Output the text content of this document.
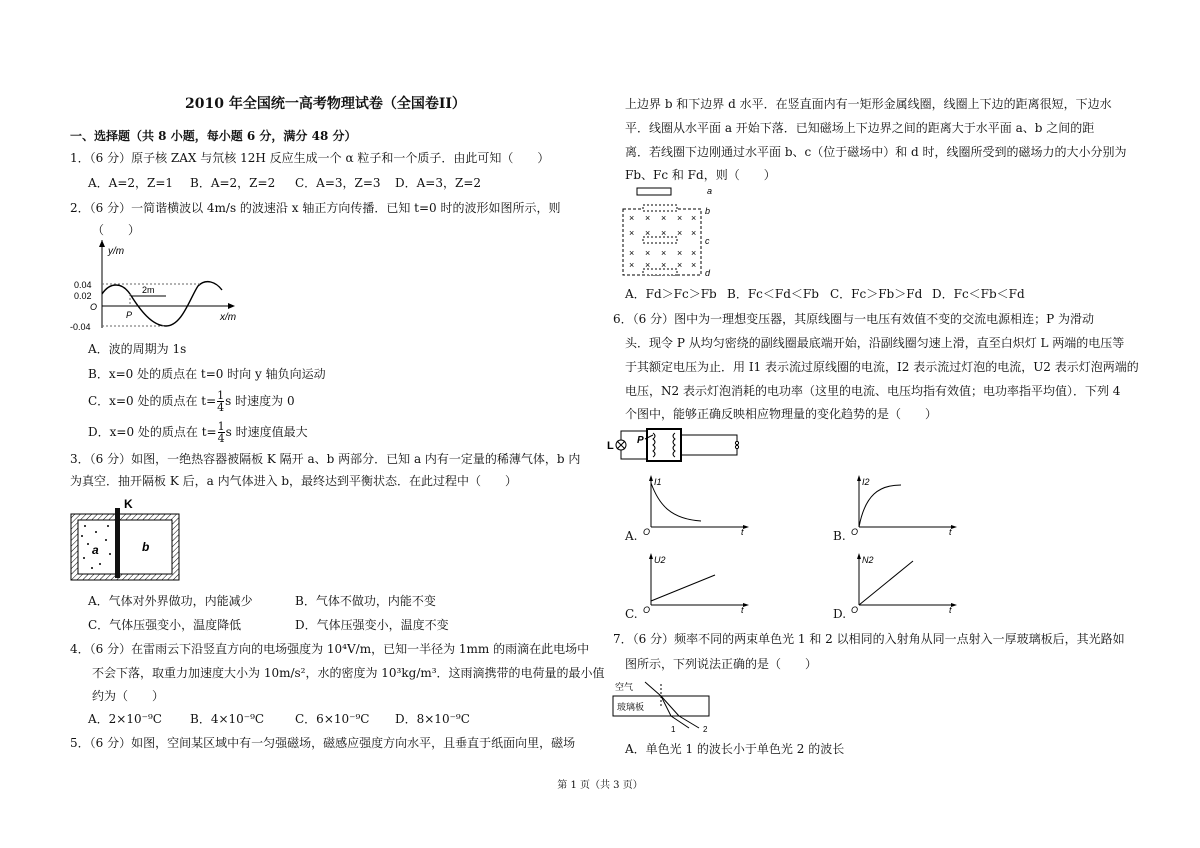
2010 年全国统一高考物理试卷（全国卷II）
一、选择题（共 8 小题，每小题 6 分，满分 48 分）
1．（6 分）原子核 ZAX 与氘核 12H 反应生成一个 α 粒子和一个质子．由此可知（　　）
A．A=2，Z=1 B．A=2，Z=2 C．A=3，Z=3 D．A=3，Z=2
2．（6 分）一简谐横波以 4m/s 的波速沿 x 轴正方向传播．已知 t=0 时的波形如图所示，则
（　　）
y/m
x/m
0.04
0.02
O
-0.04
2m
P
A．波的周期为 1s
B．x=0 处的质点在 t=0 时向 y 轴负向运动
C．x=0 处的质点在 $t= \frac{1}{4}$ s 时速度为 0
D．x=0 处的质点在 $t= \frac{1}{4}$ s 时速度值最大
3．（6 分）如图，一绝热容器被隔板 K 隔开 a、b 两部分．已知 a 内有一定量的稀薄气体，b 内
为真空．抽开隔板 K 后，a 内气体进入 b，最终达到平衡状态．在此过程中（　　）
K
a	b
A．气体对外界做功，内能减少	B．气体不做功，内能不变
C．气体压强变小，温度降低	D．气体压强变小，温度不变
4．（6 分）在雷雨云下沿竖直方向的电场强度为 10⁴V/m，已知一半径为 1mm 的雨滴在此电场中
不会下落，取重力加速度大小为 10m/s²，水的密度为 10³kg/m³．这雨滴携带的电荷量的最小值
约为（　　）
A．2×10⁻⁹C B．4×10⁻⁹C	C．6×10⁻⁹C D．8×10⁻⁹C
5．（6 分）如图，空间某区域中有一匀强磁场，磁感应强度方向水平，且垂直于纸面向里，磁场
上边界 b 和下边界 d 水平．在竖直面内有一矩形金属线圈，线圈上下边的距离很短，下边水
平．线圈从水平面 a 开始下落．已知磁场上下边界之间的距离大于水平面 a、b 之间的距
离．若线圈下边刚通过水平面 b、c（位于磁场中）和 d 时，线圈所受到的磁场力的大小分别为
Fb、Fc 和 Fd，则（　　）
a
× × × × ×
× × × × ×
× × × × ×
× × × × ×
b
c
d
A．Fd＞Fc＞Fb B．Fc＜Fd＜Fb C．Fc＞Fb＞Fd D．Fc＜Fb＜Fd
6．（6 分）图中为一理想变压器，其原线圈与一电压有效值不变的交流电源相连；P 为滑动
头．现令 P 从均匀密绕的副线圈最底端开始，沿副线圈匀速上滑，直至白炽灯 L 两端的电压等
于其额定电压为止．用 I1 表示流过原线圈的电流，I2 表示流过灯泡的电流，U2 表示灯泡两端的
电压，N2 表示灯泡消耗的电功率（这里的电流、电压均指有效值；电功率指平均值）．下列 4
个图中，能够正确反映相应物理量的变化趋势的是（　　）
L P
A.
I1
O	t	B.
I2
O	t
C.
U2
O	t	D.
N2
O	t
7．（6 分）频率不同的两束单色光 1 和 2 以相同的入射角从同一点射入一厚玻璃板后，其光路如
图所示，下列说法正确的是（　　）
空气
玻璃板
1	2
A．单色光 1 的波长小于单色光 2 的波长
第 1 页（共 3 页）
